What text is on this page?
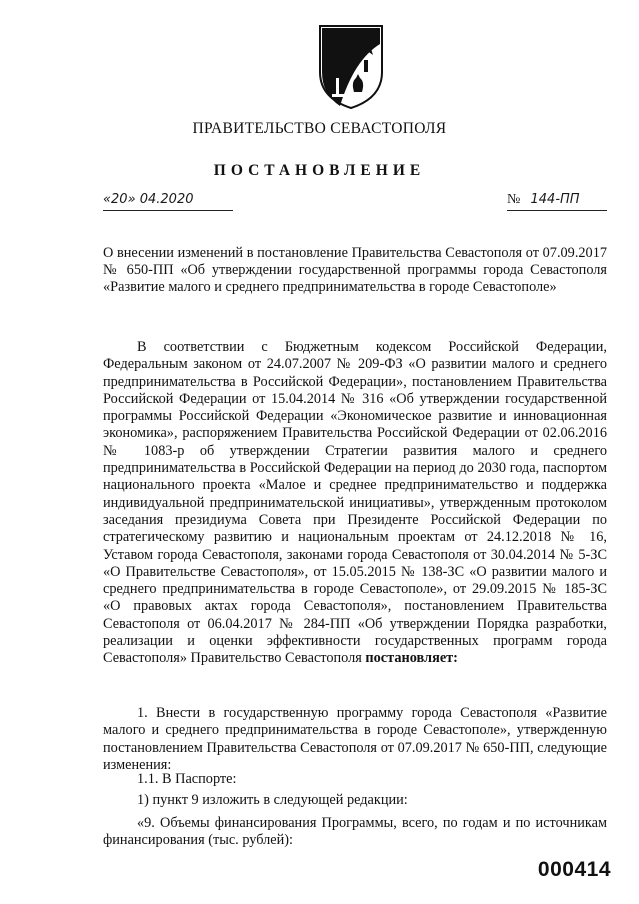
ПРАВИТЕЛЬСТВО СЕВАСТОПОЛЯ
ПОСТАНОВЛЕНИЕ
«20» 04.2020	№ 144-ПП
О внесении изменений в постановление Правительства Севастополя от 07.09.2017 № 650-ПП «Об утверждении государственной программы города Севастополя «Развитие малого и среднего предпринимательства в городе Севастополе»

В соответствии с Бюджетным кодексом Российской Федерации, Федеральным законом от 24.07.2007 № 209-ФЗ «О развитии малого и среднего предпринимательства в Российской Федерации», постановлением Правительства Российской Федерации от 15.04.2014 № 316 «Об утверждении государственной программы Российской Федерации «Экономическое развитие и инновационная экономика», распоряжением Правительства Российской Федерации от 02.06.2016 № 1083-р об утверждении Стратегии развития малого и среднего предпринимательства в Российской Федерации на период до 2030 года, паспортом национального проекта «Малое и среднее предпринимательство и поддержка индивидуальной предпринимательской инициативы», утвержденным протоколом заседания президиума Совета при Президенте Российской Федерации по стратегическому развитию и национальным проектам от 24.12.2018 № 16, Уставом города Севастополя, законами города Севастополя от 30.04.2014 № 5-ЗС «О Правительстве Севастополя», от 15.05.2015 № 138-ЗС «О развитии малого и среднего предпринимательства в городе Севастополе», от 29.09.2015 № 185-ЗС «О правовых актах города Севастополя», постановлением Правительства Севастополя от 06.04.2017 № 284-ПП «Об утверждении Порядка разработки, реализации и оценки эффективности государственных программ города Севастополя» Правительство Севастополя постановляет:

1. Внести в государственную программу города Севастополя «Развитие малого и среднего предпринимательства в городе Севастополе», утвержденную постановлением Правительства Севастополя от 07.09.2017 № 650-ПП, следующие изменения:

1.1. В Паспорте:
1) пункт 9 изложить в следующей редакции:

«9. Объемы финансирования Программы, всего, по годам и по источникам финансирования (тыс. рублей):

000414
